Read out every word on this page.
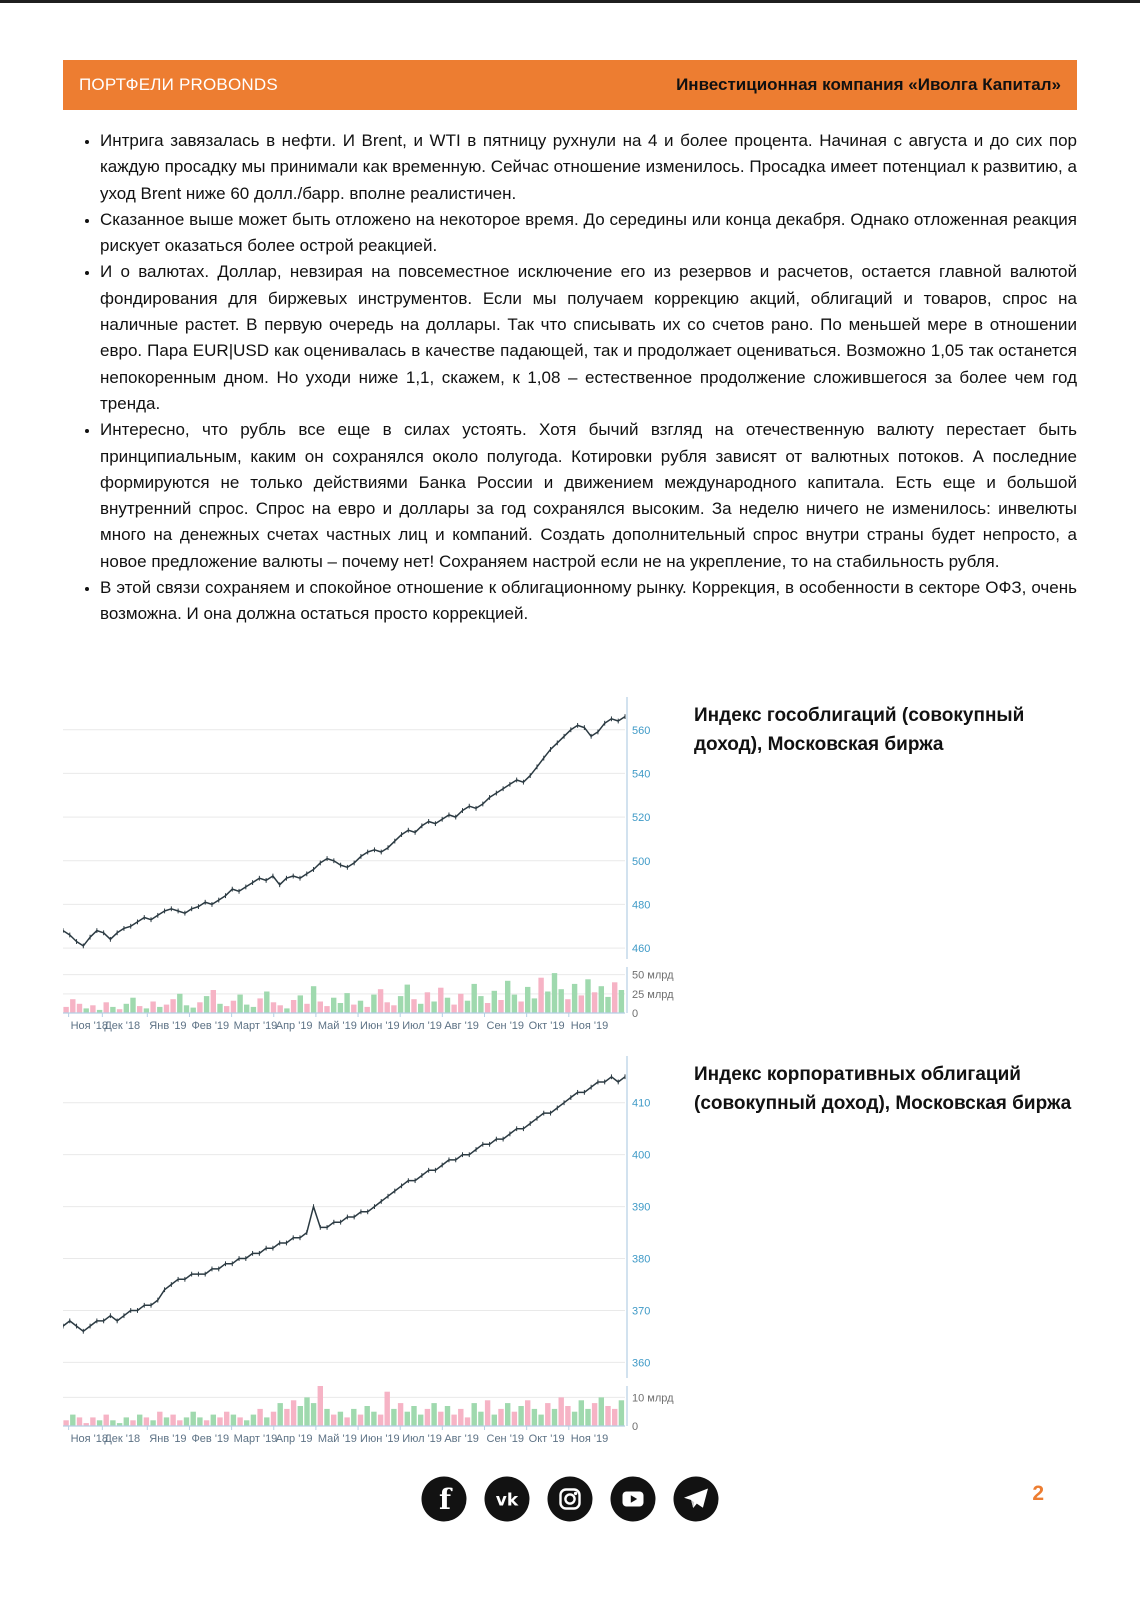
ПОРТФЕЛИ PROBONDS	Инвестиционная компания «Иволга Капитал»
• Интрига завязалась в нефти. И Brent, и WTI в пятницу рухнули на 4 и более процента. Начиная с августа и до сих пор каждую просадку мы принимали как временную. Сейчас отношение изменилось. Просадка имеет потенциал к развитию, а уход Brent ниже 60 долл./барр. вполне реалистичен.
• Сказанное выше может быть отложено на некоторое время. До середины или конца декабря. Однако отложенная реакция рискует оказаться более острой реакцией.
• И о валютах. Доллар, невзирая на повсеместное исключение его из резервов и расчетов, остается главной валютой фондирования для биржевых инструментов. Если мы получаем коррекцию акций, облигаций и товаров, спрос на наличные растет. В первую очередь на доллары. Так что списывать их со счетов рано. По меньшей мере в отношении евро. Пара EUR|USD как оценивалась в качестве падающей, так и продолжает оцениваться. Возможно 1,05 так останется непокоренным дном. Но уходи ниже 1,1, скажем, к 1,08 – естественное продолжение сложившегося за более чем год тренда.
• Интересно, что рубль все еще в силах устоять. Хотя бычий взгляд на отечественную валюту перестает быть принципиальным, каким он сохранялся около полугода. Котировки рубля зависят от валютных потоков. А последние формируются не только действиями Банка России и движением международного капитала. Есть еще и большой внутренний спрос. Спрос на евро и доллары за год сохранялся высоким. За неделю ничего не изменилось: инвелюты много на денежных счетах частных лиц и компаний. Создать дополнительный спрос внутри страны будет непросто, а новое предложение валюты – почему нет! Сохраняем настрой если не на укрепление, то на стабильность рубля.
• В этой связи сохраняем и спокойное отношение к облигационному рынку. Коррекция, в особенности в секторе ОФЗ, очень возможна. И она должна остаться просто коррекцией.
560
540
520
500
480
460
50 млрд
25 млрд
0
Ноя '18
Дек '18 Янв '19 Фев '19 Март '19
Апр '19 Май '19 Июн '19 Июл '19 Авг '19 Сен '19 Окт '19 Ноя '19
Индекс гособлигаций (совокупный доход), Московская биржа
410
400
390
380
370
360
10 млрд
0
Ноя '18
Дек '18 Янв '19 Фев '19 Март '19
Апр '19 Май '19 Июн '19 Июл '19 Авг '19 Сен '19 Окт '19 Ноя '19
Индекс корпоративных облигаций (совокупный доход), Московская биржа
f	vk	2
